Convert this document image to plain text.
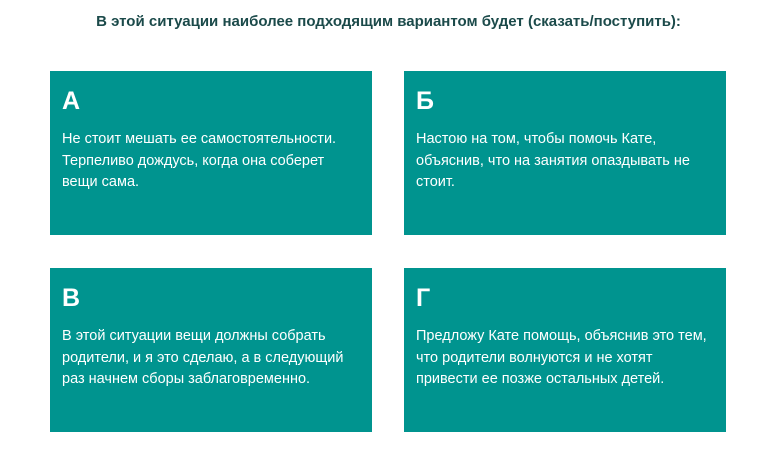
В этой ситуации наиболее подходящим вариантом будет (сказать/поступить):
А
Не стоит мешать ее самостоятельности. Терпеливо дождусь, когда она соберет вещи сама.
Б
Настою на том, чтобы помочь Кате, объяснив, что на занятия опаздывать не стоит.
В
В этой ситуации вещи должны собрать родители, и я это сделаю, а в следующий раз начнем сборы заблаговременно.
Г
Предложу Кате помощь, объяснив это тем, что родители волнуются и не хотят привести ее позже остальных детей.
